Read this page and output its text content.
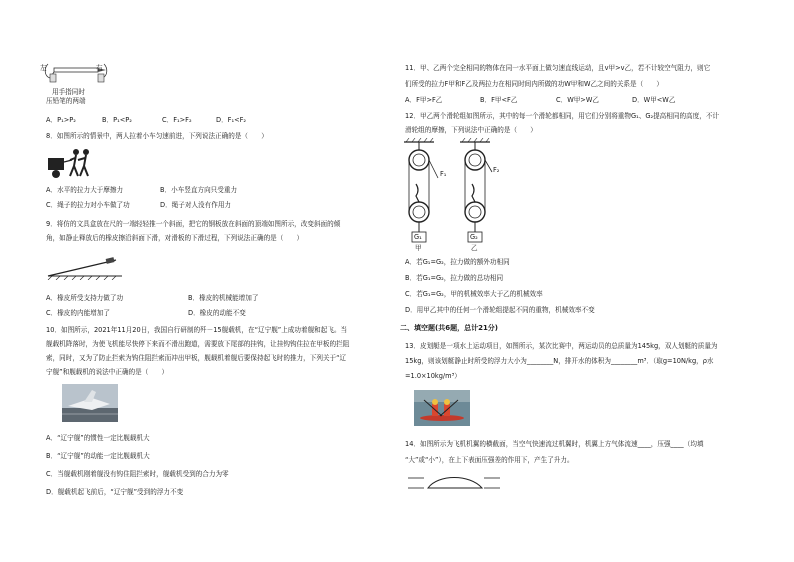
左	右
用手指同时
压铅笔的两端
A．P₁>P₂	B．P₁<P₂	C．F₁>F₂	D．F₁<F₂
8．如图所示的情景中，两人拉着小车匀速前进，下列说法正确的是（　　）
A．水平的拉力大于摩擦力	B．小车竖直方向只受重力
C．绳子的拉力对小车做了功	D．绳子对人没有作用力
9．将仿的文具盒放在尺的一端轻轻推一个斜面，把它的钢板放在斜面的顶端如图所示，改变斜面的倾
角，如静止释放后的橡皮擦沿斜面下滑，对滑板的下滑过程，下列说法正确的是（　　）
A．橡皮所受支持力做了功	B．橡皮的机械能增加了
C．橡皮的内能增加了	D．橡皮的动能不变
10．如图所示，2021年11月20日，我国自行研制的歼－15舰载机，在“辽宁舰”上成功着舰和起飞。当
舰载机降落时，为使飞机能尽快停下来而不滑出跑道，需要放下尾部的挂钩，让挂钩钩住拉在甲板的拦阻
索，同时，又为了防止拦索为钩住阻拦索而冲出甲板，舰载机着舰后要保持起飞时的推力，下列关于“辽
宁舰”和舰载机的说法中正确的是（　　）
A．“辽宁舰”的惯性一定比舰载机大
B．“辽宁舰”的动能一定比舰载机大
C．当舰载机刚着舰没有钩住阻拦索时，舰载机受到的合力为零
D．舰载机起飞前后，“辽宁舰”受到的浮力不变
11．甲、乙两个完全相同的物体在同一水平面上做匀速直线运动，且v甲>v乙，若不计较空气阻力，则它
们所受的拉力F甲和F乙及两拉力在相同时间内所做的功W甲和W乙之间的关系是（　　）
A．F甲>F乙	B．F甲<F乙	C．W甲>W乙	D．W甲<W乙
12．甲乙两个滑轮组如图所示，其中的每一个滑轮都相同，用它们分别将重物G₁、G₂提高相同的高度，不计
滑轮组的摩擦，下列说法中正确的是（　　）
F₁	F₂
G₁	G₂
甲	乙
A．若G₁=G₂，拉力做的额外功相同
B．若G₁=G₂，拉力做的总功相同
C．若G₁=G₂，甲的机械效率大于乙的机械效率
D．用甲乙其中的任何一个滑轮组提起不同的重物，机械效率不变
二、填空题(共6题，总计21分)
13．皮划艇是一项水上运动项目，如图所示，某次比赛中，两运动员的总质量为145kg，双人划艇的质量为
15kg，则该划艇静止时所受的浮力大小为________N，排开水的体积为________m³．（取g=10N/kg，ρ水
=1.0×10kg/m³）
14．如图所示为飞机机翼的横截面，当空气快速流过机翼时，机翼上方气体流速____，压强____（均填
“大”或“小”），在上下表面压强差的作用下，产生了升力。
